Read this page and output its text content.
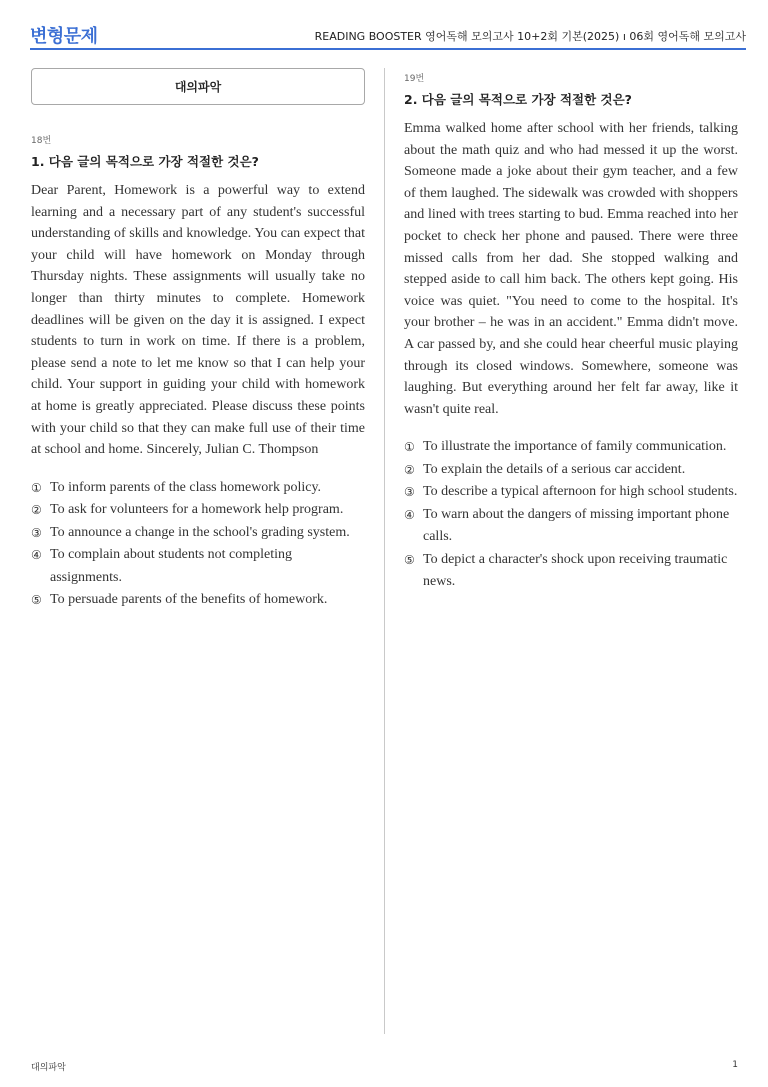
변형문제	READING BOOSTER 영어독해 모의고사 10+2회 기본(2025) ı 06회 영어독해 모의고사
대의파악
18번
1. 다음 글의 목적으로 가장 적절한 것은?

Dear Parent, Homework is a powerful way to extend learning and a necessary part of any student's successful understanding of skills and knowledge. You can expect that your child will have homework on Monday through Thursday nights. These assignments will usually take no longer than thirty minutes to complete. Homework deadlines will be given on the day it is assigned. I expect students to turn in work on time. If there is a problem, please send a note to let me know so that I can help your child. Your support in guiding your child with homework at home is greatly appreciated. Please discuss these points with your child so that they can make full use of their time at school and home. Sincerely, Julian C. Thompson

① To inform parents of the class homework policy.
② To ask for volunteers for a homework help program.
③ To announce a change in the school's grading system.
④ To complain about students not completing assignments.
⑤ To persuade parents of the benefits of homework.
19번
2. 다음 글의 목적으로 가장 적절한 것은?

Emma walked home after school with her friends, talking about the math quiz and who had messed it up the worst. Someone made a joke about their gym teacher, and a few of them laughed. The sidewalk was crowded with shoppers and lined with trees starting to bud. Emma reached into her pocket to check her phone and paused. There were three missed calls from her dad. She stopped walking and stepped aside to call him back. The others kept going. His voice was quiet. "You need to come to the hospital. It's your brother – he was in an accident." Emma didn't move. A car passed by, and she could hear cheerful music playing through its closed windows. Somewhere, someone was laughing. But everything around her felt far away, like it wasn't quite real.

① To illustrate the importance of family communication.
② To explain the details of a serious car accident.
③ To describe a typical afternoon for high school students.
④ To warn about the dangers of missing important phone calls.
⑤ To depict a character's shock upon receiving traumatic news.
대의파악	1
